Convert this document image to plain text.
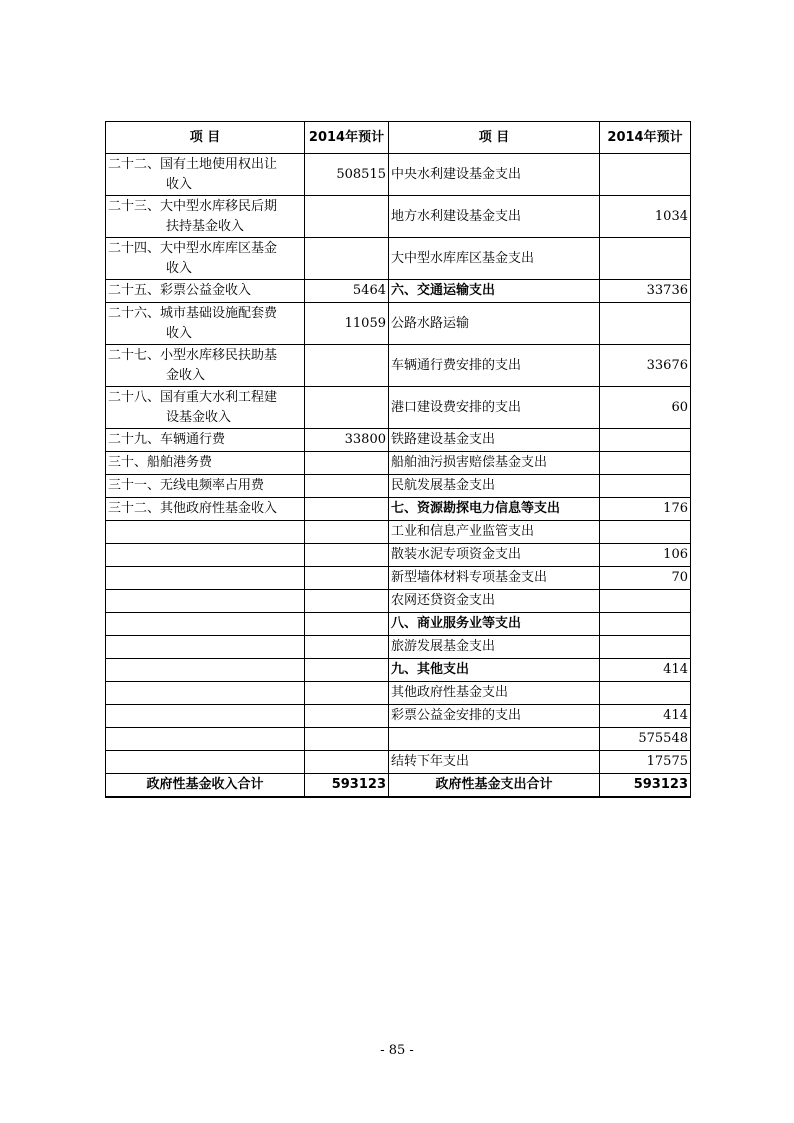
项 目	2014年预计	项 目	2014年预计

二十二、国有土地使用权出让
收入	508515	中央水利建设基金支出	

二十三、大中型水库移民后期
扶持基金收入		地方水利建设基金支出	1034

二十四、大中型水库库区基金
收入		大中型水库库区基金支出	

二十五、彩票公益金收入	5464	六、交通运输支出	33736

二十六、城市基础设施配套费
收入	11059	公路水路运输	

二十七、小型水库移民扶助基
金收入		车辆通行费安排的支出	33676

二十八、国有重大水利工程建
设基金收入		港口建设费安排的支出	60

二十九、车辆通行费	33800	铁路建设基金支出	

三十、船舶港务费		船舶油污损害赔偿基金支出	

三十一、无线电频率占用费		民航发展基金支出	

三十二、其他政府性基金收入		七、资源勘探电力信息等支出	176

		工业和信息产业监管支出	

		散装水泥专项资金支出	106

		新型墙体材料专项基金支出	70

		农网还贷资金支出	

		八、商业服务业等支出	

		旅游发展基金支出	

		九、其他支出	414

		其他政府性基金支出	

		彩票公益金安排的支出	414

			575548

		结转下年支出	17575
政府性基金收入合计	593123	政府性基金支出合计	593123
- 85 -
